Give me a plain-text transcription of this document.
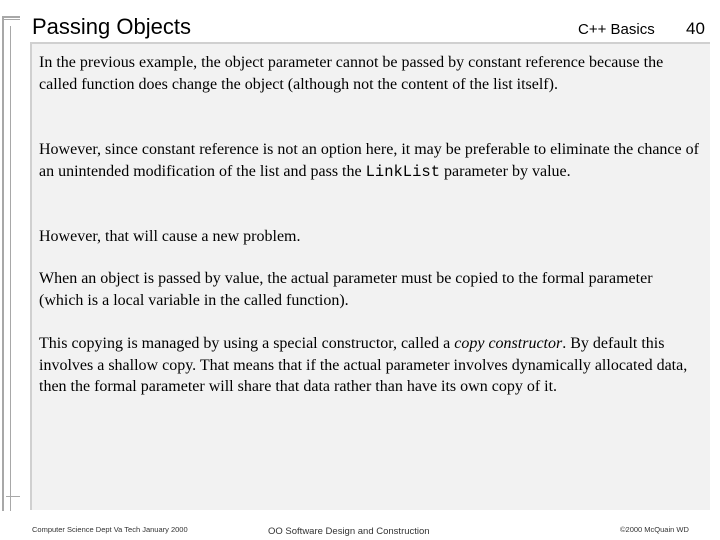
Passing Objects	C++ Basics 40
In the previous example, the object parameter cannot be passed by constant reference because the called function does change the object (although not the content of the list itself).
However, since constant reference is not an option here, it may be preferable to eliminate the chance of an unintended modification of the list and pass the LinkList parameter by value.
However, that will cause a new problem.
When an object is passed by value, the actual parameter must be copied to the formal parameter (which is a local variable in the called function).
This copying is managed by using a special constructor, called a copy constructor. By default this involves a shallow copy. That means that if the actual parameter involves dynamically allocated data, then the formal parameter will share that data rather than have its own copy of it.
Computer Science Dept Va Tech January 2000	OO Software Design and Construction	©2000 McQuain WD
